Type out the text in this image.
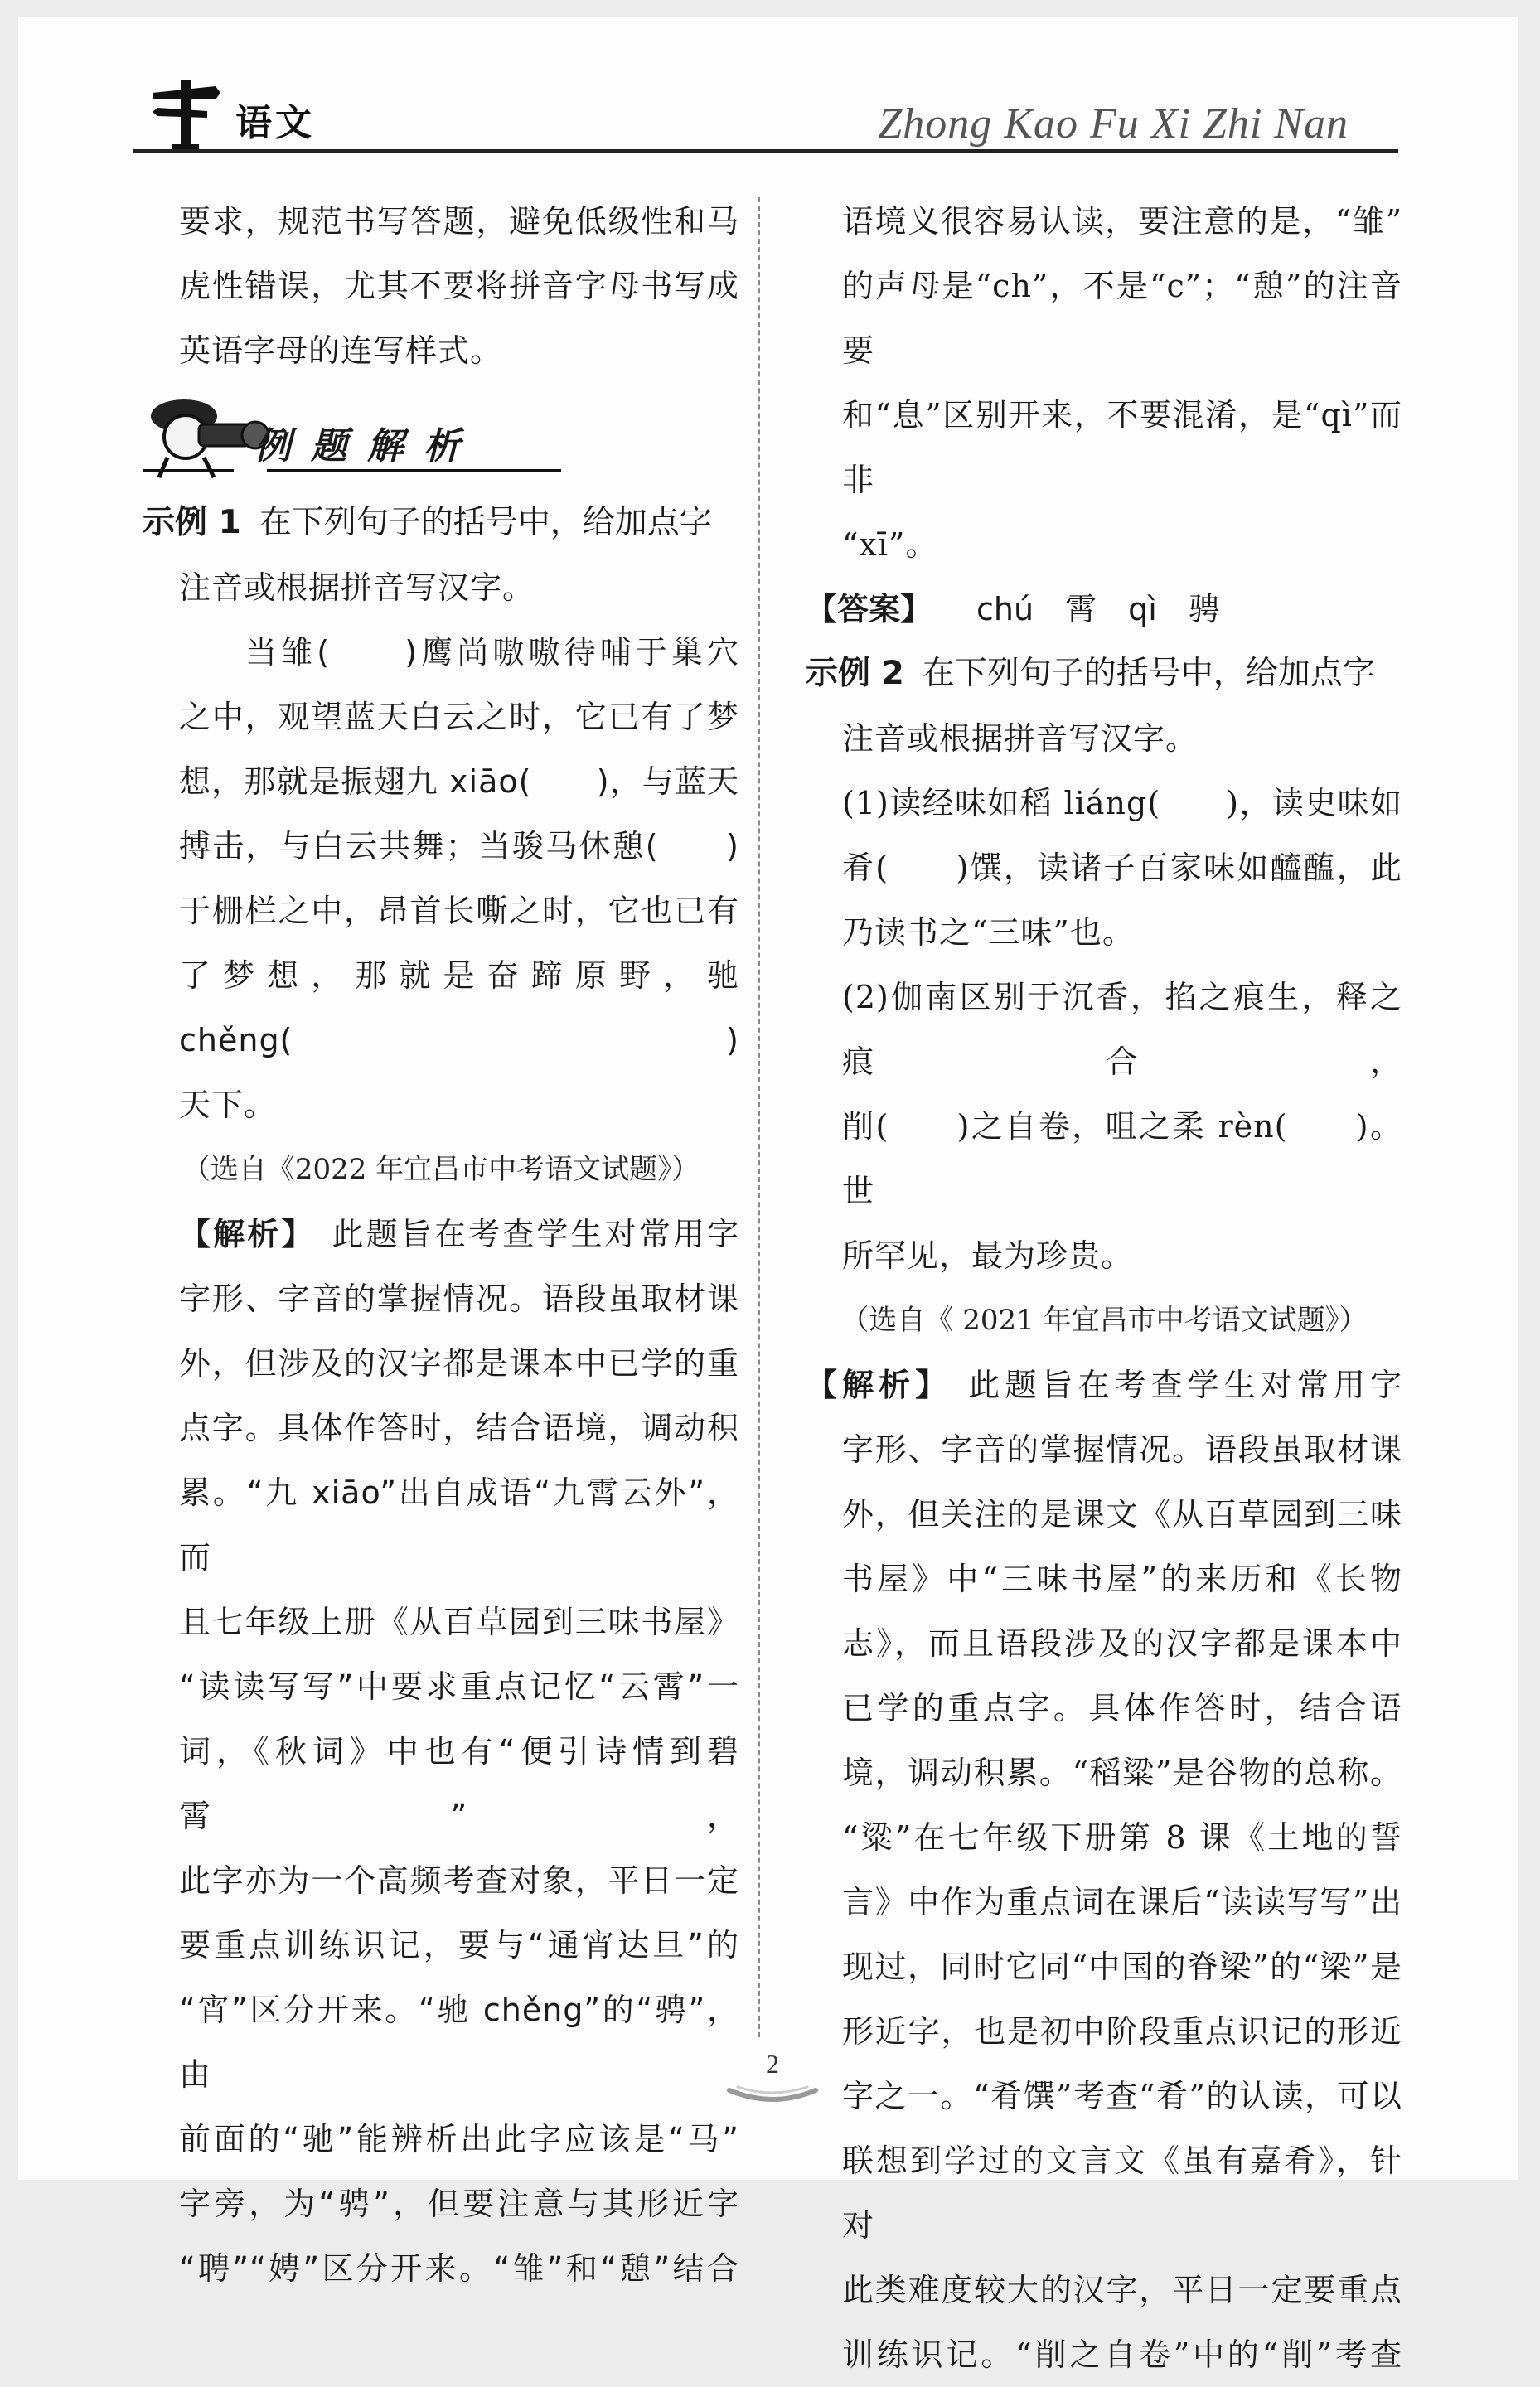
语文	Zhong Kao Fu Xi Zhi Nan

要求，规范书写答题，避免低级性和马

虎性错误，尤其不要将拼音字母书写成

英语字母的连写样式。

例题解析

示例 1 在下列句子的括号中，给加点字

注音或根据拼音写汉字。

当雏(　　)鹰尚嗷嗷待哺于巢穴

之中，观望蓝天白云之时，它已有了梦

想，那就是振翅九 xiāo(　　)，与蓝天

搏击，与白云共舞；当骏马休憩(　　)

于栅栏之中，昂首长嘶之时，它也已有

了梦想，那就是奋蹄原野，驰 chěng(　　)

天下。

（选自《2022 年宜昌市中考语文试题》）

【解析】 此题旨在考查学生对常用字

字形、字音的掌握情况。语段虽取材课

外，但涉及的汉字都是课本中已学的重

点字。具体作答时，结合语境，调动积

累。“九 xiāo”出自成语“九霄云外”，而

且七年级上册《从百草园到三味书屋》

“读读写写”中要求重点记忆“云霄”一

词，《秋词》中也有“便引诗情到碧霄”，

此字亦为一个高频考查对象，平日一定

要重点训练识记，要与“通宵达旦”的

“宵”区分开来。“驰 chěng”的“骋”，由

前面的“驰”能辨析出此字应该是“马”

字旁，为“骋”，但要注意与其形近字

“聘”“娉”区分开来。“雏”和“憩”结合

语境义很容易认读，要注意的是，“雏”

的声母是“ch”，不是“c”；“憩”的注音要

和“息”区别开来，不要混淆，是“qì”而非

“xī”。

【答案】 chú　霄　qì　骋

示例 2 在下列句子的括号中，给加点字

注音或根据拼音写汉字。

(1)读经味如稻 liáng(　　)，读史味如

肴(　　)馔，读诸子百家味如醯醢，此

乃读书之“三味”也。

(2)伽南区别于沉香，掐之痕生，释之痕合，

削(　　)之自卷，咀之柔 rèn(　　)。世

所罕见，最为珍贵。

（选自《 2021 年宜昌市中考语文试题》）

【解析】 此题旨在考查学生对常用字

字形、字音的掌握情况。语段虽取材课

外，但关注的是课文《从百草园到三味

书屋》中“三味书屋”的来历和《长物

志》，而且语段涉及的汉字都是课本中

已学的重点字。具体作答时，结合语

境，调动积累。“稻粱”是谷物的总称。

“粱”在七年级下册第 8 课《土地的誓

言》中作为重点词在课后“读读写写”出

现过，同时它同“中国的脊梁”的“梁”是

形近字，也是初中阶段重点识记的形近

字之一。“肴馔”考查“肴”的认读，可以

联想到学过的文言文《虽有嘉肴》，针对

此类难度较大的汉字，平日一定要重点

训练识记。“削之自卷”中的“削”考查

2
